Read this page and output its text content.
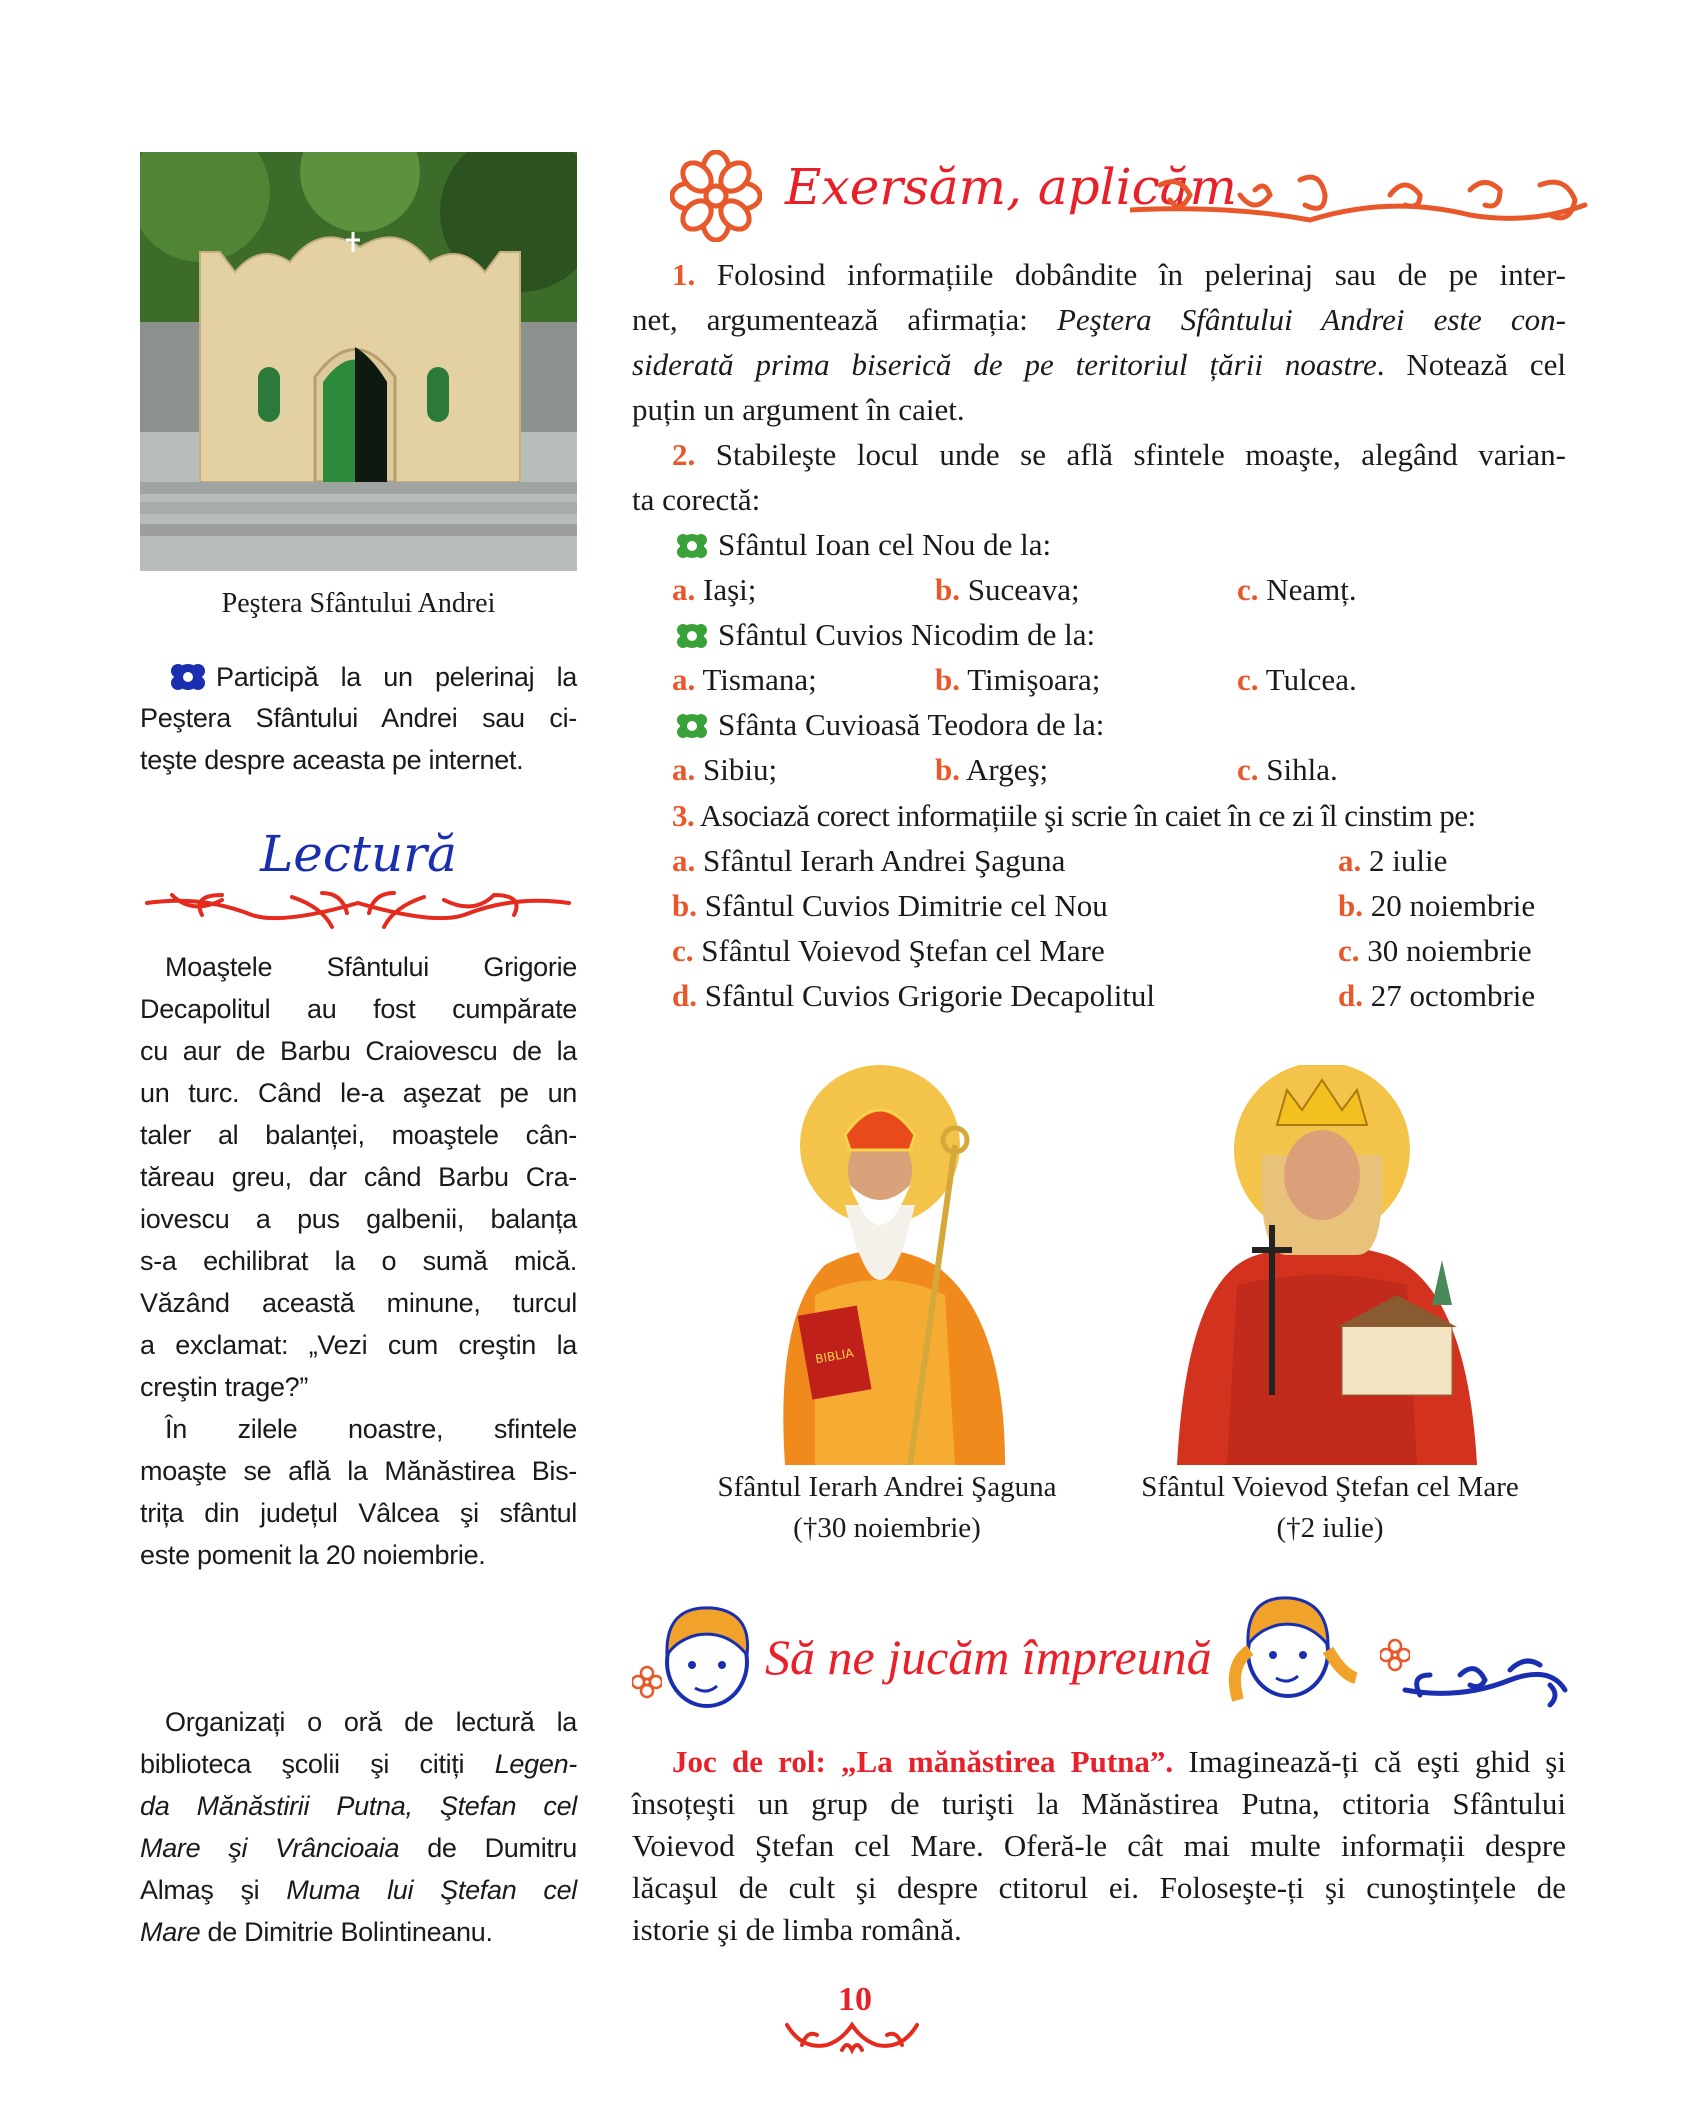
Peştera Sfântului Andrei
Participă la un pelerinaj la
Peştera Sfântului Andrei sau ci-
teşte despre aceasta pe internet.
Lectură
Moaştele Sfântului Grigorie
Decapolitul au fost cumpărate
cu aur de Barbu Craiovescu de la
un turc. Când le-a aşezat pe un
taler al balanței, moaştele cân-
tăreau greu, dar când Barbu Cra-
iovescu a pus galbenii, balanța
s-a echilibrat la o sumă mică.
Văzând această minune, turcul
a exclamat: „Vezi cum creştin la
creştin trage?”
În zilele noastre, sfintele
moaşte se află la Mănăstirea Bis-
trița din județul Vâlcea şi sfântul
este pomenit la 20 noiembrie.
Organizați o oră de lectură la
biblioteca şcolii şi citiți Legen-
da Mănăstirii Putna, Ştefan cel
Mare şi Vrâncioaia de Dumitru
Almaş şi Muma lui Ştefan cel
Mare de Dimitrie Bolintineanu.
Exersăm, aplicăm
1. Folosind informațiile dobândite în pelerinaj sau de pe inter-
net, argumentează afirmația: Peştera Sfântului Andrei este con-
siderată prima biserică de pe teritoriul țării noastre. Notează cel
puțin un argument în caiet.
2. Stabileşte locul unde se află sfintele moaşte, alegând varian-
ta corectă:
Sfântul Ioan cel Nou de la:
a. Iaşi;	b. Suceava;	c. Neamț.
Sfântul Cuvios Nicodim de la:
a. Tismana;	b. Timişoara;	c. Tulcea.
Sfânta Cuvioasă Teodora de la:
a. Sibiu;	b. Argeş;	c. Sihla.
3. Asociază corect informațiile şi scrie în caiet în ce zi îl cinstim pe:
a. Sfântul Ierarh Andrei Şaguna	a. 2 iulie
b. Sfântul Cuvios Dimitrie cel Nou	b. 20 noiembrie
c. Sfântul Voievod Ştefan cel Mare	c. 30 noiembrie
d. Sfântul Cuvios Grigorie Decapolitul	d. 27 octombrie
BIBLIA
Sfântul Ierarh Andrei Şaguna
(†30 noiembrie)
Sfântul Voievod Ştefan cel Mare
(†2 iulie)
Să ne jucăm împreună
Joc de rol: „La mănăstirea Putna”. Imaginează-ți că eşti ghid şi
însoțeşti un grup de turişti la Mănăstirea Putna, ctitoria Sfântului
Voievod Ştefan cel Mare. Oferă-le cât mai multe informații despre
lăcaşul de cult şi despre ctitorul ei. Foloseşte-ți şi cunoştințele de
istorie şi de limba română.
10
